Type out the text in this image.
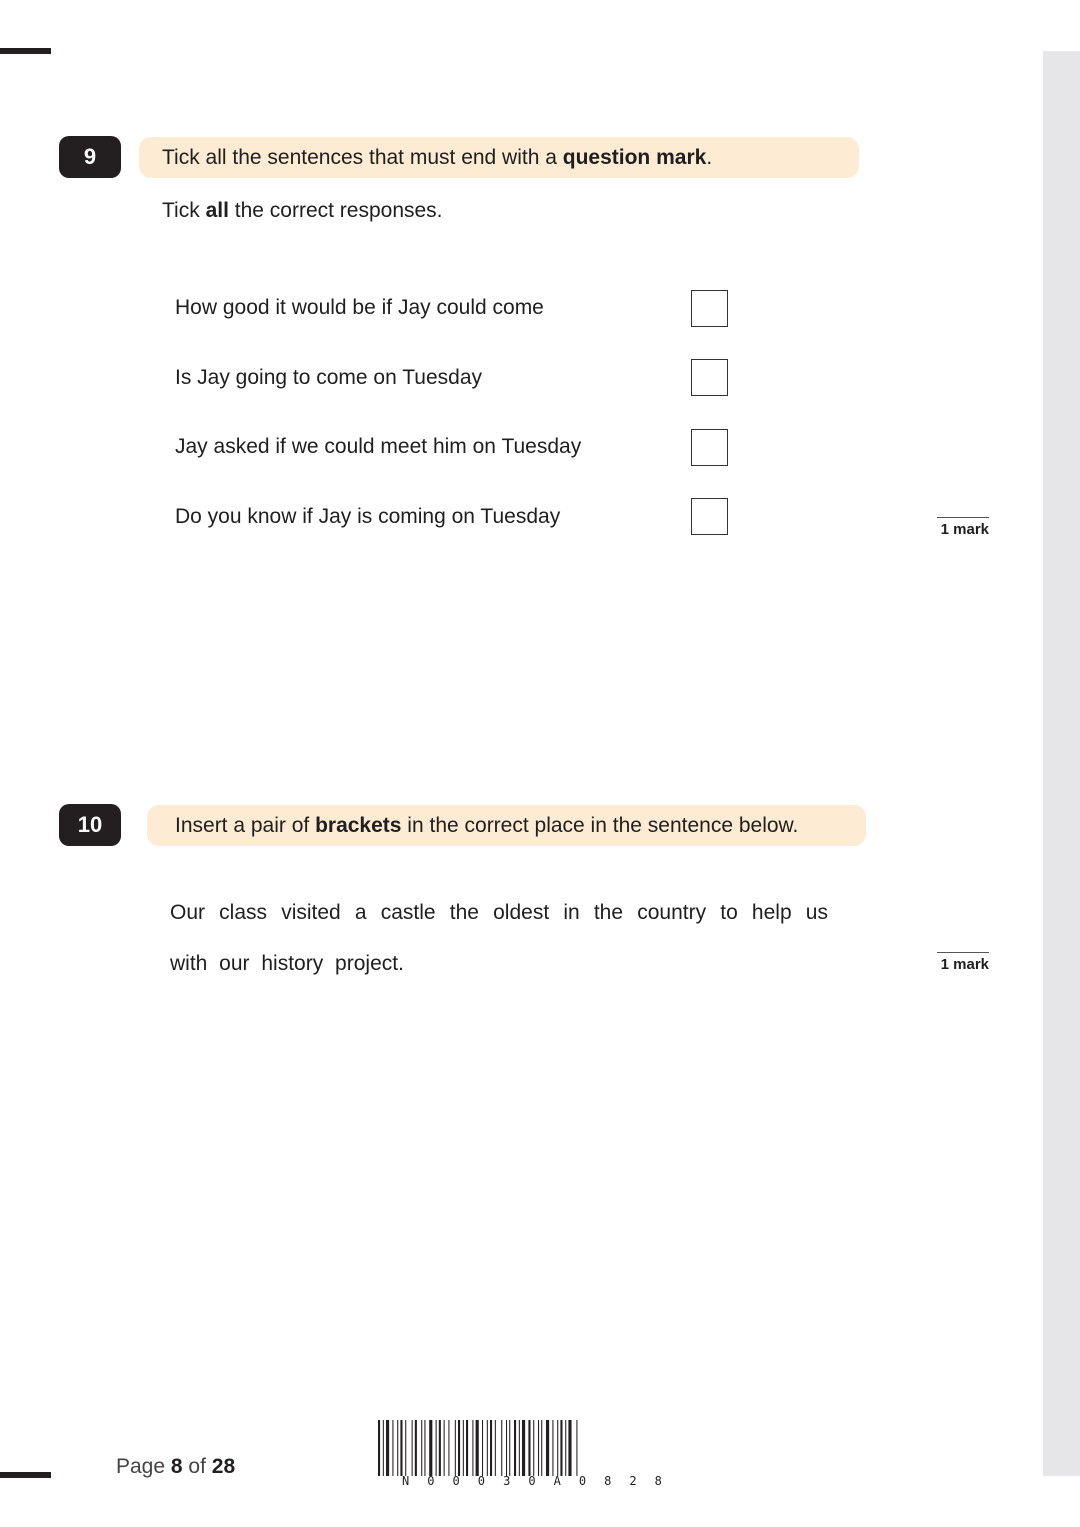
9	Tick all the sentences that must end with a question mark .
Tick all the correct responses.
How good it would be if Jay could come
Is Jay going to come on Tuesday
Jay asked if we could meet him on Tuesday
Do you know if Jay is coming on Tuesday
1 mark
10	Insert a pair of brackets in the correct place in the sentence below.
Our class visited a castle the oldest in the country to help us
with our history project.	1 mark
Page 8 of 28
N 0 0 0 3 0 A 0 8 2 8
